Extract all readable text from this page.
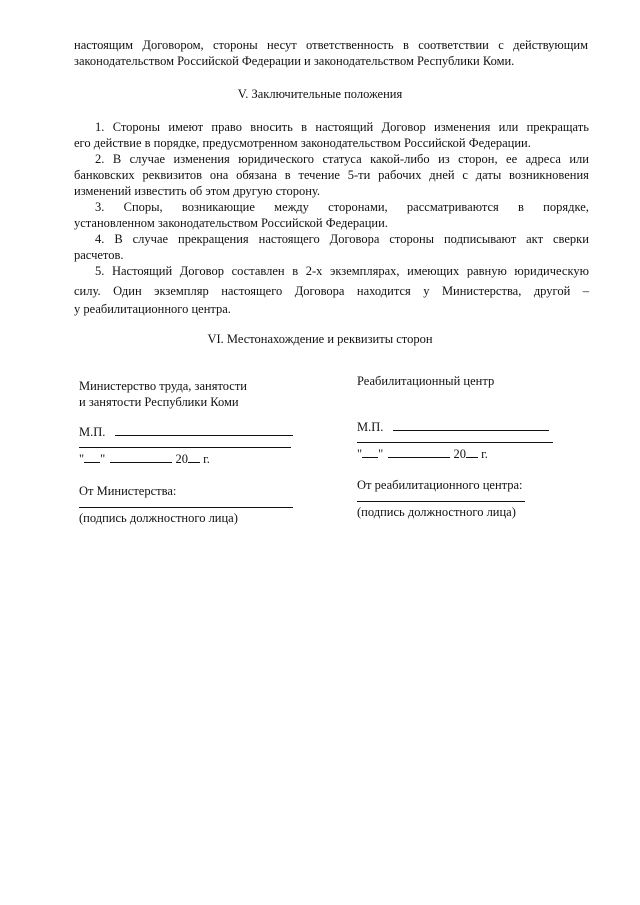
настоящим Договором, стороны несут ответственность в соответствии с действующим
законодательством Российской Федерации и законодательством Республики Коми.
V. Заключительные положения
1. Стороны имеют право вносить в настоящий Договор изменения или прекращать
его действие в порядке, предусмотренном законодательством Российской Федерации.
2. В случае изменения юридического статуса какой-либо из сторон, ее адреса или
банковских реквизитов она обязана в течение 5-ти рабочих дней с даты возникновения
изменений известить об этом другую сторону.
3. Споры, возникающие между сторонами, рассматриваются в порядке,
установленном законодательством Российской Федерации.
4. В случае прекращения настоящего Договора стороны подписывают акт сверки
расчетов.
5. Настоящий Договор составлен в 2-х экземплярах, имеющих равную юридическую
силу. Один экземпляр настоящего Договора находится у Министерства, другой –
у реабилитационного центра.
VI. Местонахождение и реквизиты сторон
Министерство труда, занятости
и занятости Республики Коми
М.П.
" "	20 г.
От Министерства:
(подпись должностного лица)
Реабилитационный центр
М.П.
" "	20 г.
От реабилитационного центра:
(подпись должностного лица)
